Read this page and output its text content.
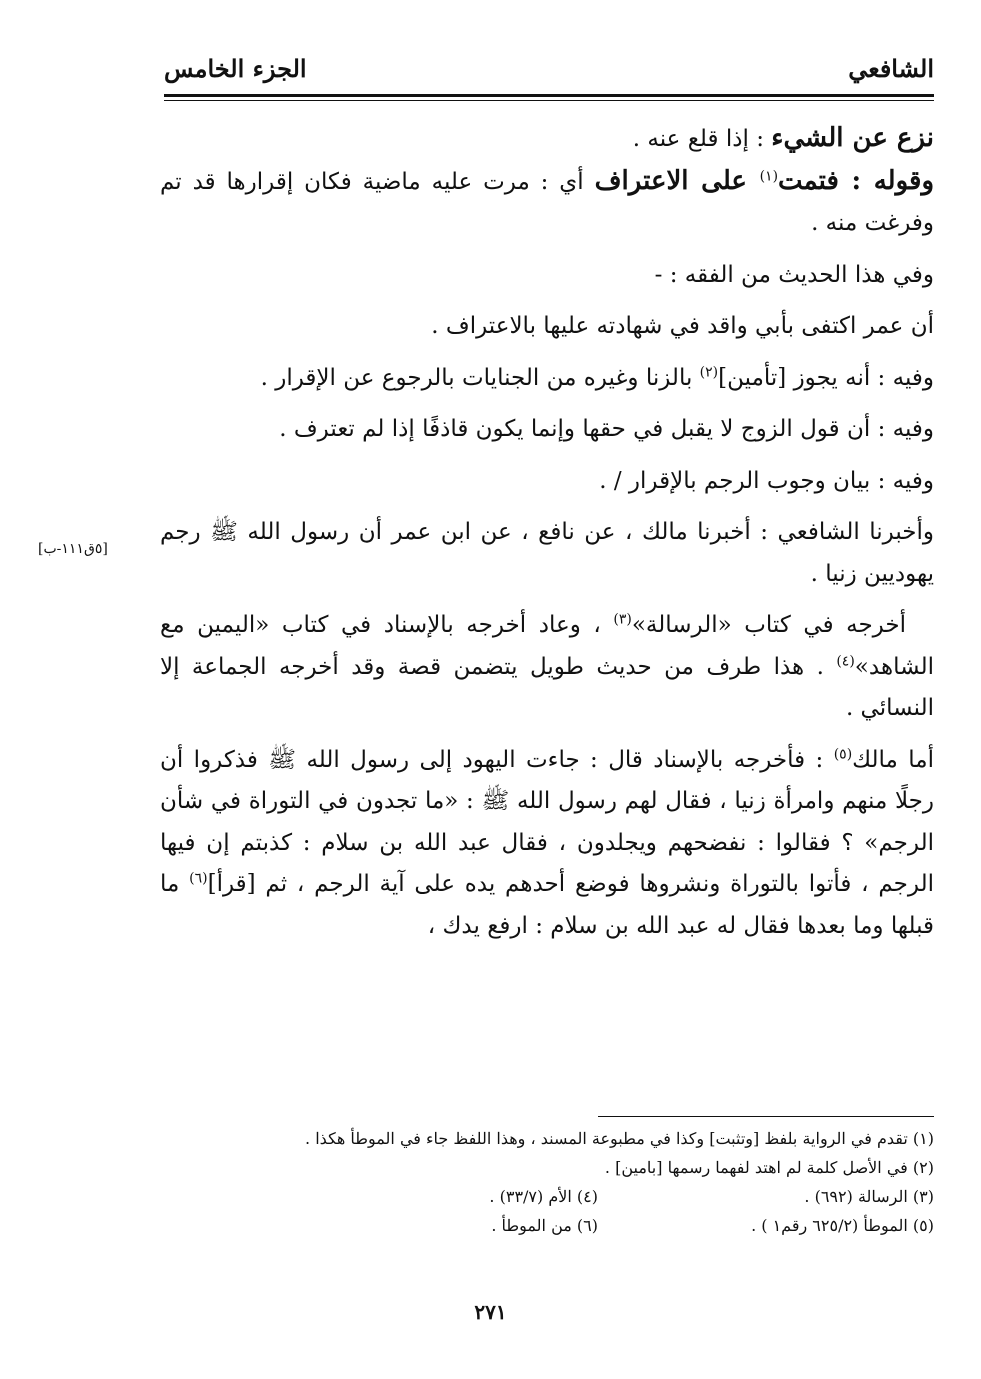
الشافعي
الجزء الخامس
[٥ق١١١-ب]

نزع عن الشيء : إذا قلع عنه .

وقوله : فتمت$^{(١)}$ على الاعتراف أي : مرت عليه ماضية فكان إقرارها قد تم وفرغت منه .

وفي هذا الحديث من الفقه : -

أن عمر اكتفى بأبي واقد في شهادته عليها بالاعتراف .

وفيه : أنه يجوز [تأمين]$^{(٢)}$ بالزنا وغيره من الجنايات بالرجوع عن الإقرار .

وفيه : أن قول الزوج لا يقبل في حقها وإنما يكون قاذفًا إذا لم تعترف .

وفيه : بيان وجوب الرجم بالإقرار / .

وأخبرنا الشافعي : أخبرنا مالك ، عن نافع ، عن ابن عمر أن رسول الله ﷺ رجم يهوديين زنيا .

أخرجه في كتاب «الرسالة»$^{(٣)}$ ، وعاد أخرجه بالإسناد في كتاب «اليمين مع الشاهد»$^{(٤)}$ . هذا طرف من حديث طويل يتضمن قصة وقد أخرجه الجماعة إلا النسائي .

أما مالك$^{(٥)}$ : فأخرجه بالإسناد قال : جاءت اليهود إلى رسول الله ﷺ فذكروا أن رجلًا منهم وامرأة زنيا ، فقال لهم رسول الله ﷺ : «ما تجدون في التوراة في شأن الرجم» ؟ فقالوا : نفضحهم ويجلدون ، فقال عبد الله بن سلام : كذبتم إن فيها الرجم ، فأتوا بالتوراة ونشروها فوضع أحدهم يده على آية الرجم ، ثم [قرأ]$^{(٦)}$ ما قبلها وما بعدها فقال له عبد الله بن سلام : ارفع يدك ،

(١) تقدم في الرواية بلفظ [وتثبت] وكذا في مطبوعة المسند ، وهذا اللفظ جاء في الموطأ هكذا .

(٢) في الأصل كلمة لم اهتد لفهما رسمها [بامين] .

(٣) الرسالة (٦٩٢) .
(٤) الأم (٣٣/٧) .
(٥) الموطأ (٦٢٥/٢ رقم١ ) .
(٦) من الموطأ .
٢٧١
